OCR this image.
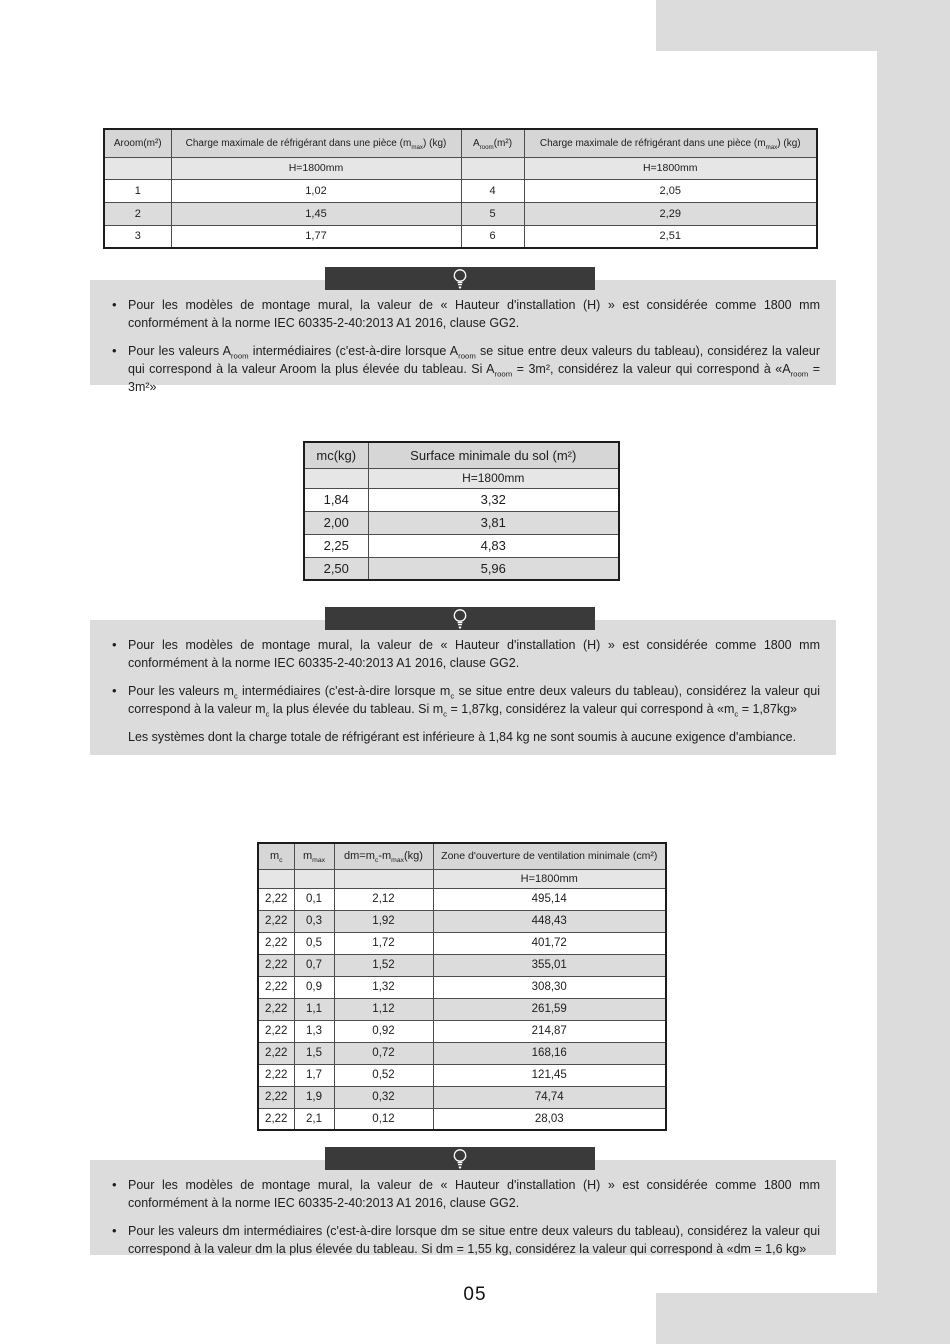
Aroom(m²)	Charge maximale de réfrigérant dans une pièce $(m_{max})$ (kg)	$A_{room}(m^2)$	Charge maximale de réfrigérant dans une pièce $(m_{max})$ (kg)
	H=1800mm		H=1800mm
1	1,02	4	2,05
2	1,45	5	2,29
3	1,77	6	2,51
• Pour les modèles de montage mural, la valeur de « Hauteur d'installation (H) » est considérée comme 1800 mm conformément à la norme IEC 60335-2-40:2013 A1 2016, clause GG2.
• Pour les valeurs $A_{room}$ intermédiaires (c'est-à-dire lorsque $A_{room}$ se situe entre deux valeurs du tableau), considérez la valeur qui correspond à la valeur Aroom la plus élevée du tableau. Si $A_{room} = 3m^2$, considérez la valeur qui correspond à «$A_{room} = 3m^2$»
mc(kg)	Surface minimale du sol (m²)
	H=1800mm
1,84	3,32
2,00	3,81
2,25	4,83
2,50	5,96
• Pour les modèles de montage mural, la valeur de « Hauteur d'installation (H) » est considérée comme 1800 mm conformément à la norme IEC 60335-2-40:2013 A1 2016, clause GG2.
• Pour les valeurs $m_c$ intermédiaires (c'est-à-dire lorsque $m_c$ se situe entre deux valeurs du tableau), considérez la valeur qui correspond à la valeur $m_c$ la plus élevée du tableau. Si $m_c = 1,87kg$, considérez la valeur qui correspond à «$m_c = 1,87kg$»
Les systèmes dont la charge totale de réfrigérant est inférieure à 1,84 kg ne sont soumis à aucune exigence d'ambiance.
$m_c$	$m_{max}$	$dm=m_c-m_{max}(kg)$	Zone d'ouverture de ventilation minimale (cm²)
			H=1800mm
2,22	0,1	2,12	495,14
2,22	0,3	1,92	448,43
2,22	0,5	1,72	401,72
2,22	0,7	1,52	355,01
2,22	0,9	1,32	308,30
2,22	1,1	1,12	261,59
2,22	1,3	0,92	214,87
2,22	1,5	0,72	168,16
2,22	1,7	0,52	121,45
2,22	1,9	0,32	74,74
2,22	2,1	0,12	28,03
• Pour les modèles de montage mural, la valeur de « Hauteur d'installation (H) » est considérée comme 1800 mm conformément à la norme IEC 60335-2-40:2013 A1 2016, clause GG2.
• Pour les valeurs dm intermédiaires (c'est-à-dire lorsque dm se situe entre deux valeurs du tableau), considérez la valeur qui correspond à la valeur dm la plus élevée du tableau. Si dm = 1,55 kg, considérez la valeur qui correspond à «dm = 1,6 kg»
05
